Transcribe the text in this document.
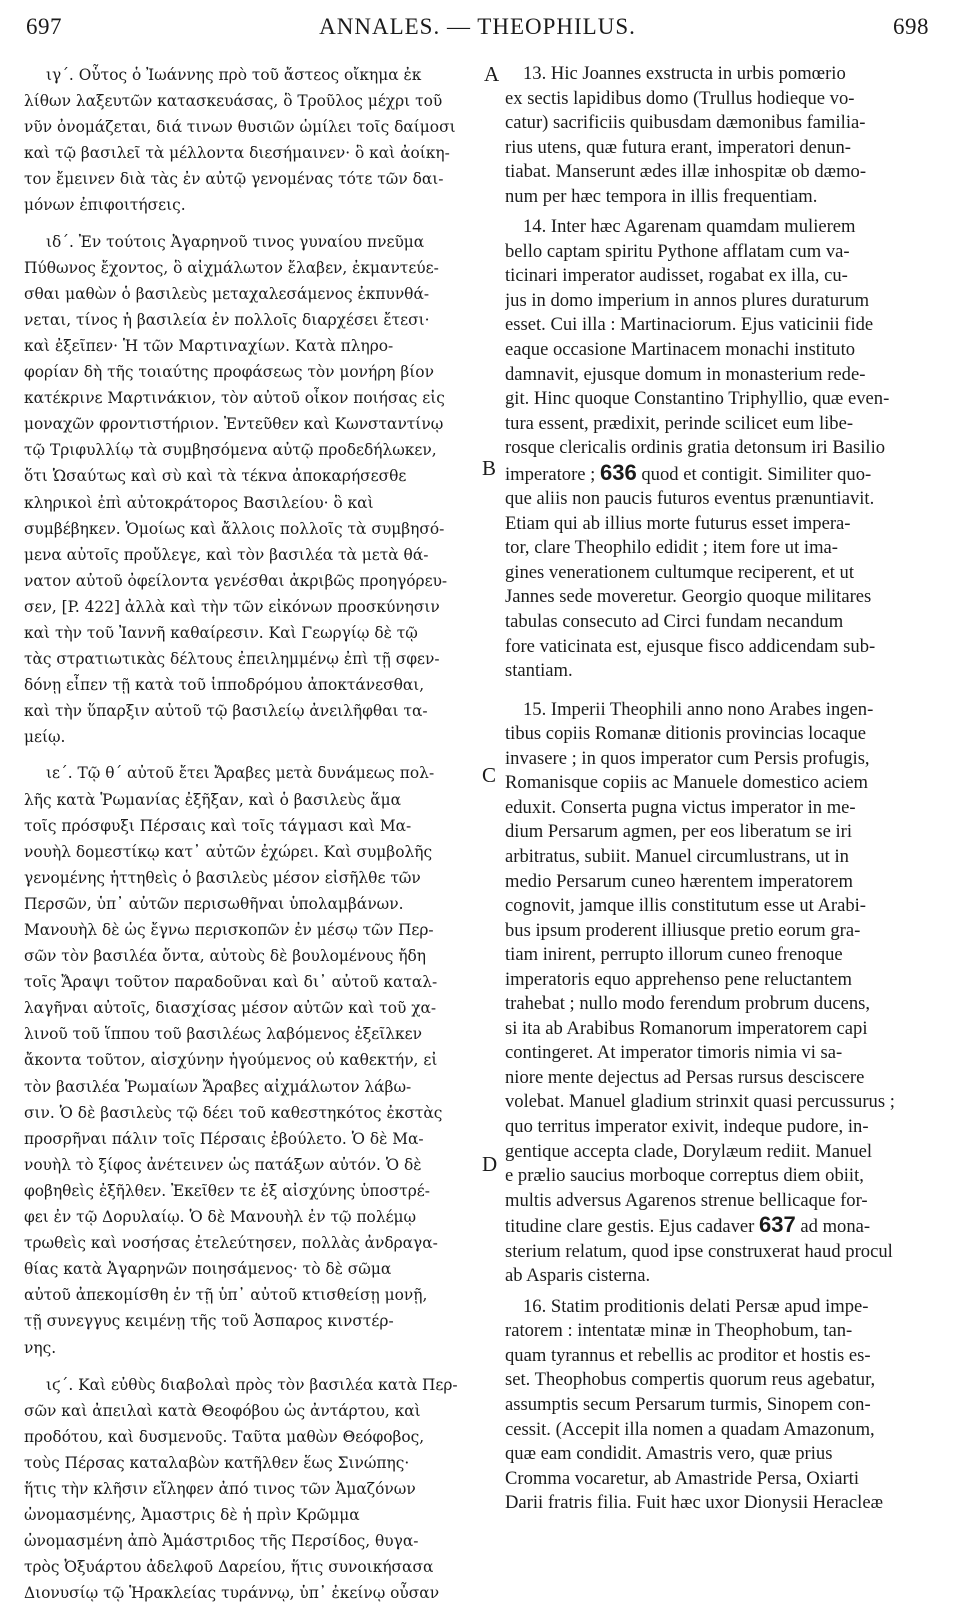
697	ANNALES. — THEOPHILUS.	698
ιγ΄. Οὗτος ὁ Ἰωάννης πρὸ τοῦ ἄστεος οἴκημα ἐκ
λίθων λαξευτῶν κατασκευάσας, ὃ Τροῦλος μέχρι τοῦ
νῦν ὀνομάζεται, διά τινων θυσιῶν ὡμίλει τοῖς δαίμοσι
καὶ τῷ βασιλεῖ τὰ μέλλοντα διεσήμαινεν· ὃ καὶ ἀοίκη-
τον ἔμεινεν διὰ τὰς ἐν αὐτῷ γενομένας τότε τῶν δαι-
μόνων ἐπιφοιτήσεις.
ιδ΄. Ἐν τούτοις Ἀγαρηνοῦ τινος γυναίου πνεῦμα
Πύθωνος ἔχοντος, ὃ αἰχμάλωτον ἔλαβεν, ἐκμαντεύε-
σθαι μαθὼν ὁ βασιλεὺς μεταχαλεσάμενος ἐκπυνθά-
νεται, τίνος ἡ βασιλεία ἐν πολλοῖς διαρχέσει ἔτεσι·
καὶ ἐξεῖπεν· Ἡ τῶν Μαρτιναχίων. Κατὰ πληρο-
φορίαν δὴ τῆς τοιαύτης προφάσεως τὸν μονήρη βίον
κατέκρινε Μαρτινάκιον, τὸν αὐτοῦ οἶκον ποιήσας εἰς
μοναχῶν φροντιστήριον. Ἐντεῦθεν καὶ Κωνσταντίνῳ
τῷ Τριφυλλίῳ τὰ συμβησόμενα αὐτῷ προδεδήλωκεν,
ὅτι Ὡσαύτως καὶ σὺ καὶ τὰ τέκνα ἀποκαρήσεσθε
κληρικοὶ ἐπὶ αὐτοκράτορος Βασιλείου· ὃ καὶ
συμβέβηκεν. Ὁμοίως καὶ ἄλλοις πολλοῖς τὰ συμβησό-
μενα αὐτοῖς προὔλεγε, καὶ τὸν βασιλέα τὰ μετὰ θά-
νατον αὐτοῦ ὀφείλοντα γενέσθαι ἀκριβῶς προηγόρευ-
σεν, [P. 422] ἀλλὰ καὶ τὴν τῶν εἰκόνων προσκύνησιν
καὶ τὴν τοῦ Ἰαννῆ καθαίρεσιν. Καὶ Γεωργίῳ δὲ τῷ
τὰς στρατιωτικὰς δέλτους ἐπειλημμένῳ ἐπὶ τῇ σφεν-
δόνῃ εἶπεν τῇ κατὰ τοῦ ἱπποδρόμου ἀποκτάνεσθαι,
καὶ τὴν ὕπαρξιν αὐτοῦ τῷ βασιλείῳ ἀνειλῆφθαι τα-
μείῳ.
ιε΄. Τῷ θ΄ αὐτοῦ ἔτει Ἄραβες μετὰ δυνάμεως πολ-
λῆς κατὰ Ῥωμανίας ἐξῆξαν, καὶ ὁ βασιλεὺς ἅμα
τοῖς πρόσφυξι Πέρσαις καὶ τοῖς τάγμασι καὶ Μα-
νουὴλ δομεστίκῳ κατ᾽ αὐτῶν ἐχώρει. Καὶ συμβολῆς
γενομένης ἡττηθεὶς ὁ βασιλεὺς μέσον εἰσῆλθε τῶν
Περσῶν, ὑπ᾽ αὐτῶν περισωθῆναι ὑπολαμβάνων.
Μανουὴλ δὲ ὡς ἔγνω περισκοπῶν ἐν μέσῳ τῶν Περ-
σῶν τὸν βασιλέα ὄντα, αὐτοὺς δὲ βουλομένους ἤδη
τοῖς Ἄραψι τοῦτον παραδοῦναι καὶ δι᾽ αὐτοῦ καταλ-
λαγῆναι αὐτοῖς, διασχίσας μέσον αὐτῶν καὶ τοῦ χα-
λινοῦ τοῦ ἵππου τοῦ βασιλέως λαβόμενος ἐξεῖλκεν
ἄκοντα τοῦτον, αἰσχύνην ἡγούμενος οὐ καθεκτήν, εἰ
τὸν βασιλέα Ῥωμαίων Ἄραβες αἰχμάλωτον λάβω-
σιν. Ὁ δὲ βασιλεὺς τῷ δέει τοῦ καθεστηκότος ἐκστὰς
προσρῆναι πάλιν τοῖς Πέρσαις ἐβούλετο. Ὁ δὲ Μα-
νουὴλ τὸ ξίφος ἀνέτεινεν ὡς πατάξων αὐτόν. Ὁ δὲ
φοβηθεὶς ἐξῆλθεν. Ἐκεῖθεν τε ἐξ αἰσχύνης ὑποστρέ-
φει ἐν τῷ Δορυλαίῳ. Ὁ δὲ Μανουὴλ ἐν τῷ πολέμῳ
τρωθεὶς καὶ νοσήσας ἐτελεύτησεν, πολλὰς ἀνδραγα-
θίας κατὰ Ἀγαρηνῶν ποιησάμενος· τὸ δὲ σῶμα
αὐτοῦ ἀπεκομίσθη ἐν τῇ ὑπ᾽ αὐτοῦ κτισθείσῃ μονῇ,
τῇ συνεγγυς κειμένῃ τῆς τοῦ Ἀσπαρος κινστέρ-
νης.
ιϛ΄. Καὶ εὐθὺς διαβολαὶ πρὸς τὸν βασιλέα κατὰ Περ-
σῶν καὶ ἀπειλαὶ κατὰ Θεοφόβου ὡς ἀντάρτου, καὶ
προδότου, καὶ δυσμενοῦς. Ταῦτα μαθὼν Θεόφοβος,
τοὺς Πέρσας καταλαβὼν κατῆλθεν ἕως Σινώπης·
ἥτις τὴν κλῆσιν εἴληφεν ἀπό τινος τῶν Ἀμαζόνων
ὠνομασμένης, Ἀμαστρις δὲ ἡ πρὶν Κρῶμμα
ὠνομασμένη ἀπὸ Ἀμάστριδος τῆς Περσίδος, θυγα-
τρὸς Ὀξυάρτου ἀδελφοῦ Δαρείου, ἥτις συνοικήσασα
Διονυσίῳ τῷ Ἡρακλείας τυράννῳ, ὑπ᾽ ἐκείνῳ οὖσαν
13. Hic Joannes exstructa in urbis pomœrio
ex sectis lapidibus domo (Trullus hodieque vo-
catur) sacrificiis quibusdam dæmonibus familia-
rius utens, quæ futura erant, imperatori denun-
tiabat. Manserunt ædes illæ inhospitæ ob dæmo-
num per hæc tempora in illis frequentiam.
14. Inter hæc Agarenam quamdam mulierem
bello captam spiritu Pythone afflatam cum va-
ticinari imperator audisset, rogabat ex illa, cu-
jus in domo imperium in annos plures duraturum
esset. Cui illa : Martinaciorum. Ejus vaticinii fide
eaque occasione Martinacem monachi instituto
damnavit, ejusque domum in monasterium rede-
git. Hinc quoque Constantino Triphyllio, quæ even-
tura essent, prædixit, perinde scilicet eum libe-
rosque clericalis ordinis gratia detonsum iri Basilio
imperatore ; 636 quod et contigit. Similiter quo-
que aliis non paucis futuros eventus prænuntiavit.
Etiam qui ab illius morte futurus esset impera-
tor, clare Theophilo edidit ; item fore ut ima-
gines venerationem cultumque reciperent, et ut
Jannes sede moveretur. Georgio quoque militares
tabulas consecuto ad Circi fundam necandum
fore vaticinata est, ejusque fisco addicendam sub-
stantiam.
15. Imperii Theophili anno nono Arabes ingen-
tibus copiis Romanæ ditionis provincias locaque
invasere ; in quos imperator cum Persis profugis,
Romanisque copiis ac Manuele domestico aciem
eduxit. Conserta pugna victus imperator in me-
dium Persarum agmen, per eos liberatum se iri
arbitratus, subiit. Manuel circumlustrans, ut in
medio Persarum cuneo hærentem imperatorem
cognovit, jamque illis constitutum esse ut Arabi-
bus ipsum proderent illiusque pretio eorum gra-
tiam inirent, perrupto illorum cuneo frenoque
imperatoris equo apprehenso pene reluctantem
trahebat ; nullo modo ferendum probrum ducens,
si ita ab Arabibus Romanorum imperatorem capi
contingeret. At imperator timoris nimia vi sa-
niore mente dejectus ad Persas rursus desciscere
volebat. Manuel gladium strinxit quasi percussurus ;
quo territus imperator exivit, indeque pudore, in-
gentique accepta clade, Dorylæum rediit. Manuel
e prælio saucius morboque correptus diem obiit,
multis adversus Agarenos strenue bellicaque for-
titudine clare gestis. Ejus cadaver 637 ad mona-
sterium relatum, quod ipse construxerat haud procul
ab Asparis cisterna.
16. Statim proditionis delati Persæ apud impe-
ratorem : intentatæ minæ in Theophobum, tan-
quam tyrannus et rebellis ac proditor et hostis es-
set. Theophobus compertis quorum reus agebatur,
assumptis secum Persarum turmis, Sinopem con-
cessit. (Accepit illa nomen a quadam Amazonum,
quæ eam condidit. Amastris vero, quæ prius
Cromma vocaretur, ab Amastride Persa, Oxiarti
Darii fratris filia. Fuit hæc uxor Dionysii Heracleæ
A
B
C
D
